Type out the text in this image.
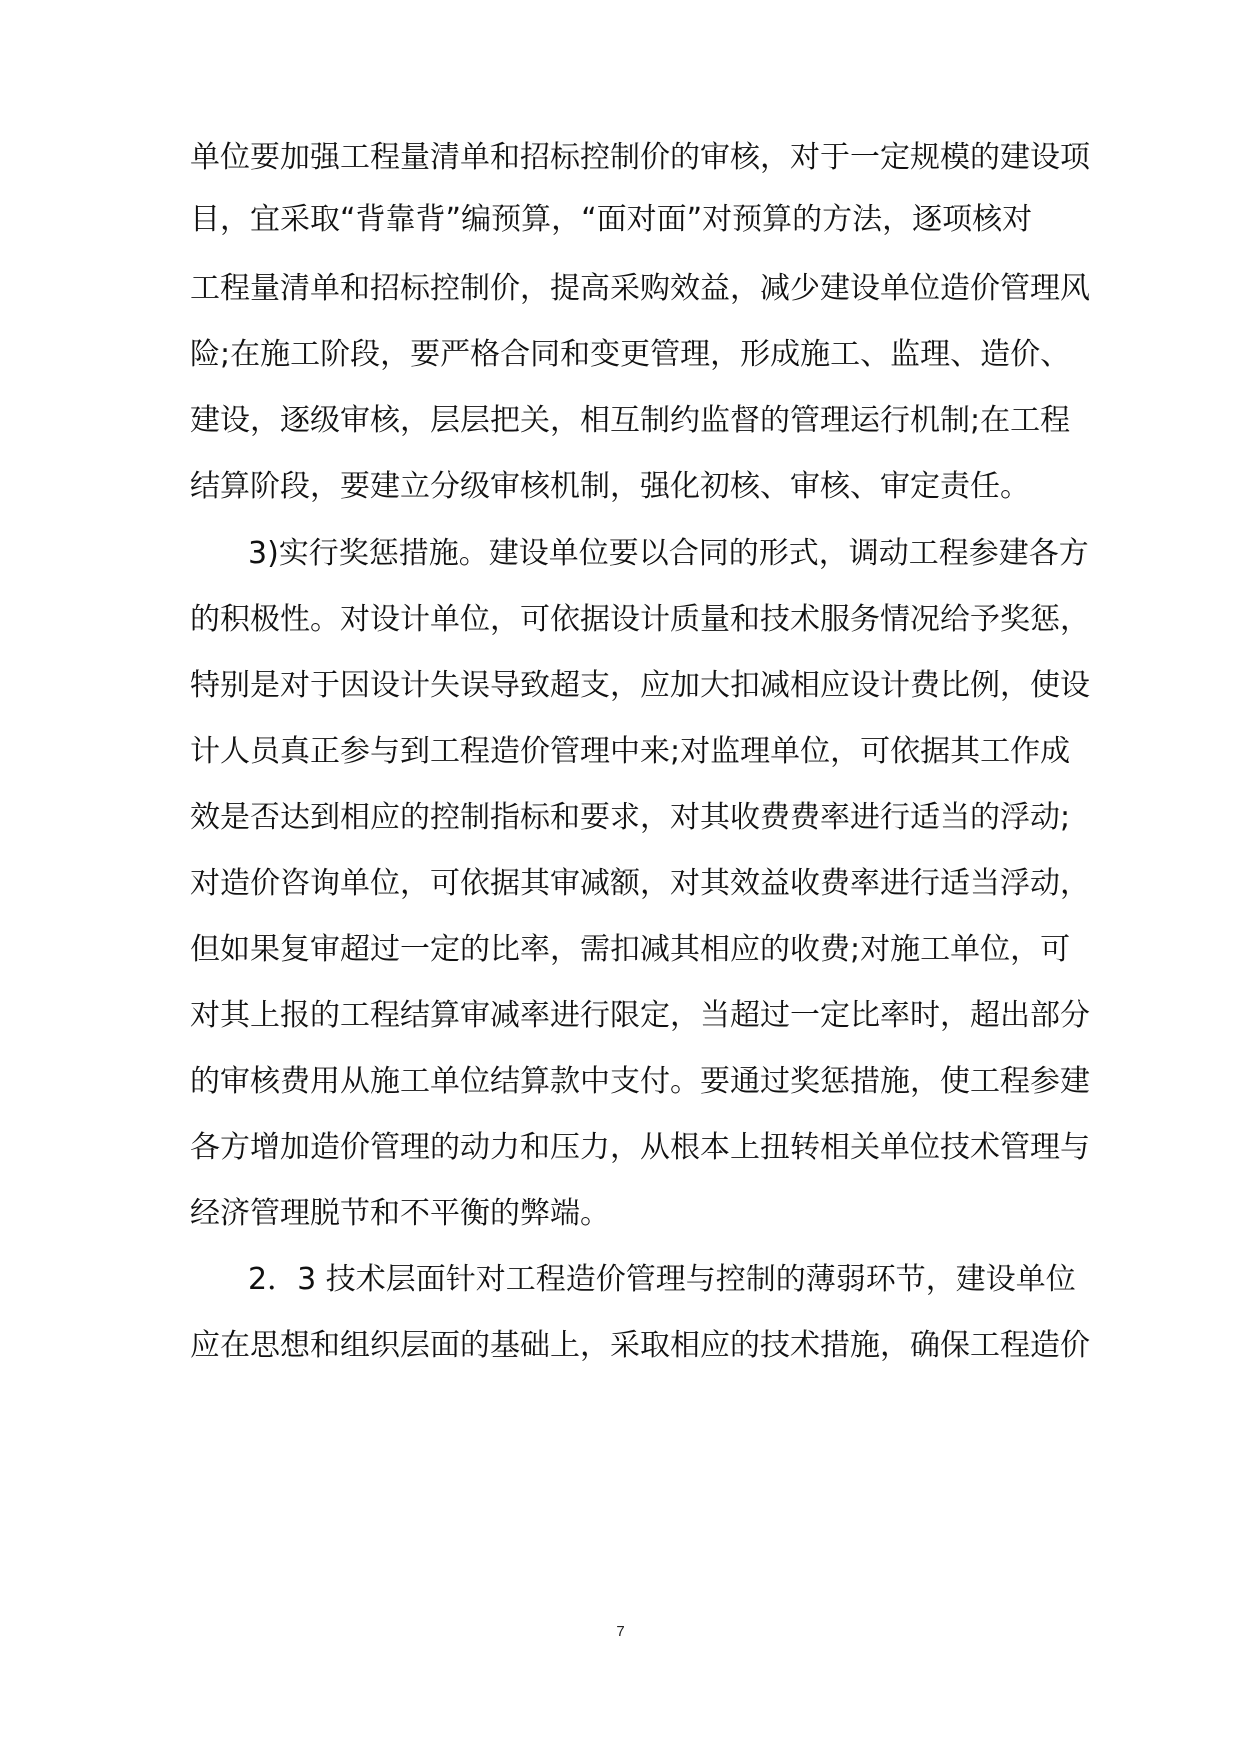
单位要加强工程量清单和招标控制价的审核，对于一定规模的建设项
目，宜采取“背靠背”编预算，“面对面”对预算的方法，逐项核对
工程量清单和招标控制价，提高采购效益，减少建设单位造价管理风
险;在施工阶段，要严格合同和变更管理，形成施工、监理、造价、
建设，逐级审核，层层把关，相互制约监督的管理运行机制;在工程
结算阶段，要建立分级审核机制，强化初核、审核、审定责任。
3)实行奖惩措施。建设单位要以合同的形式，调动工程参建各方
的积极性。对设计单位，可依据设计质量和技术服务情况给予奖惩，
特别是对于因设计失误导致超支，应加大扣减相应设计费比例，使设
计人员真正参与到工程造价管理中来;对监理单位，可依据其工作成
效是否达到相应的控制指标和要求，对其收费费率进行适当的浮动;
对造价咨询单位，可依据其审减额，对其效益收费率进行适当浮动，
但如果复审超过一定的比率，需扣减其相应的收费;对施工单位，可
对其上报的工程结算审减率进行限定，当超过一定比率时，超出部分
的审核费用从施工单位结算款中支付。要通过奖惩措施，使工程参建
各方增加造价管理的动力和压力，从根本上扭转相关单位技术管理与
经济管理脱节和不平衡的弊端。
2．3 技术层面针对工程造价管理与控制的薄弱环节，建设单位
应在思想和组织层面的基础上，采取相应的技术措施，确保工程造价
7
